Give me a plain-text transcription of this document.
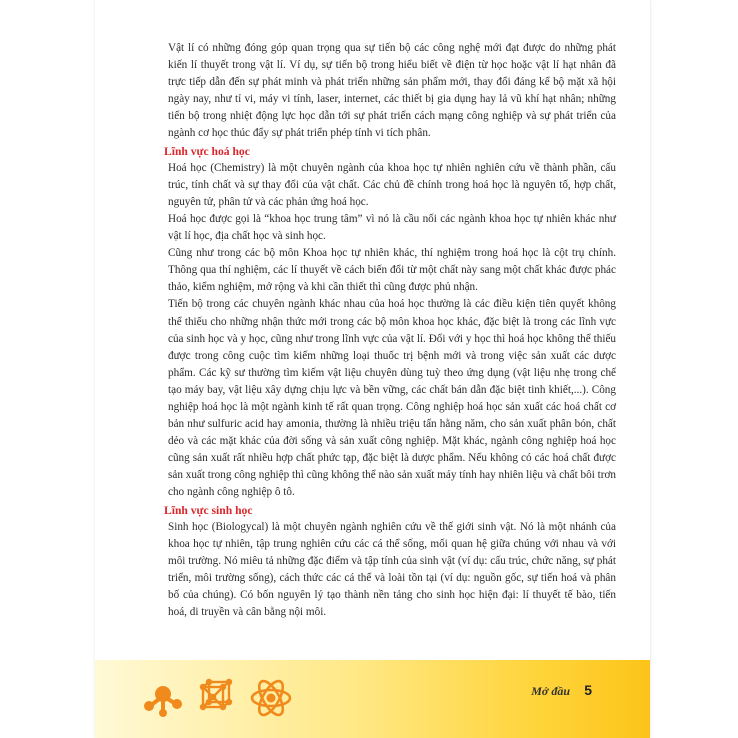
Vật lí có những đóng góp quan trọng qua sự tiến bộ các công nghệ mới đạt được do những phát kiến lí thuyết trong vật lí. Ví dụ, sự tiến bộ trong hiểu biết về điện từ học hoặc vật lí hạt nhân đã trực tiếp dẫn đến sự phát minh và phát triển những sản phẩm mới, thay đổi đáng kể bộ mặt xã hội ngày nay, như tỉ vi, máy vi tính, laser, internet, các thiết bị gia dụng hay lả vũ khí hạt nhân; những tiến bộ trong nhiệt động lực học dẫn tới sự phát triển cách mạng công nghiệp và sự phát triển của ngành cơ học thúc đẩy sự phát triển phép tính vi tích phân.

Lĩnh vực hoá học

Hoá học (Chemistry) là một chuyên ngành của khoa học tự nhiên nghiên cứu về thành phần, cấu trúc, tính chất và sự thay đổi của vật chất. Các chủ đề chính trong hoá học là nguyên tố, hợp chất, nguyên tử, phân tử và các phản ứng hoá học.

Hoá học được gọi là “khoa học trung tâm” vì nó là cầu nối các ngành khoa học tự nhiên khác như vật lí học, địa chất học và sinh học.

Cũng như trong các bộ môn Khoa học tự nhiên khác, thí nghiệm trong hoá học là cột trụ chính. Thông qua thí nghiệm, các lí thuyết về cách biến đổi từ một chất này sang một chất khác được phác thảo, kiểm nghiệm, mở rộng và khi cần thiết thì cũng được phủ nhận.

Tiến bộ trong các chuyên ngành khác nhau của hoá học thường là các điều kiện tiên quyết không thể thiếu cho những nhận thức mới trong các bộ môn khoa học khác, đặc biệt là trong các lĩnh vực của sinh học và y học, cũng như trong lĩnh vực của vật lí. Đối với y học thì hoá học không thể thiếu được trong công cuộc tìm kiếm những loại thuốc trị bệnh mới và trong việc sản xuất các dược phẩm. Các kỹ sư thường tìm kiếm vật liệu chuyên dùng tuỳ theo ứng dụng (vật liệu nhẹ trong chế tạo máy bay, vật liệu xây dựng chịu lực và bền vững, các chất bán dẫn đặc biệt tinh khiết,...). Công nghiệp hoá học là một ngành kinh tế rất quan trọng. Công nghiệp hoá học sản xuất các hoá chất cơ bản như sulfuric acid hay amonia, thường là nhiều triệu tấn hằng năm, cho sản xuất phân bón, chất dẻo và các mặt khác của đời sống và sản xuất công nghiệp. Mặt khác, ngành công nghiệp hoá học cũng sản xuất rất nhiều hợp chất phức tạp, đặc biệt là dược phẩm. Nếu không có các hoá chất được sản xuất trong công nghiệp thì cũng không thể nào sản xuất máy tính hay nhiên liệu và chất bôi trơn cho ngành công nghiệp ô tô.

Lĩnh vực sinh học

Sinh học (Biologycal) là một chuyên ngành nghiên cứu về thế giới sinh vật. Nó là một nhánh của khoa học tự nhiên, tập trung nghiên cứu các cá thể sống, mối quan hệ giữa chúng với nhau và với môi trường. Nó miêu tả những đặc điểm và tập tính của sinh vật (ví dụ: cấu trúc, chức năng, sự phát triển, môi trường sống), cách thức các cá thể và loài tồn tại (ví dụ: nguồn gốc, sự tiến hoá và phân bố của chúng). Có bốn nguyên lý tạo thành nền tảng cho sinh học hiện đại: lí thuyết tế bào, tiến hoá, di truyền và cân bằng nội môi.

Mở đầu 5
